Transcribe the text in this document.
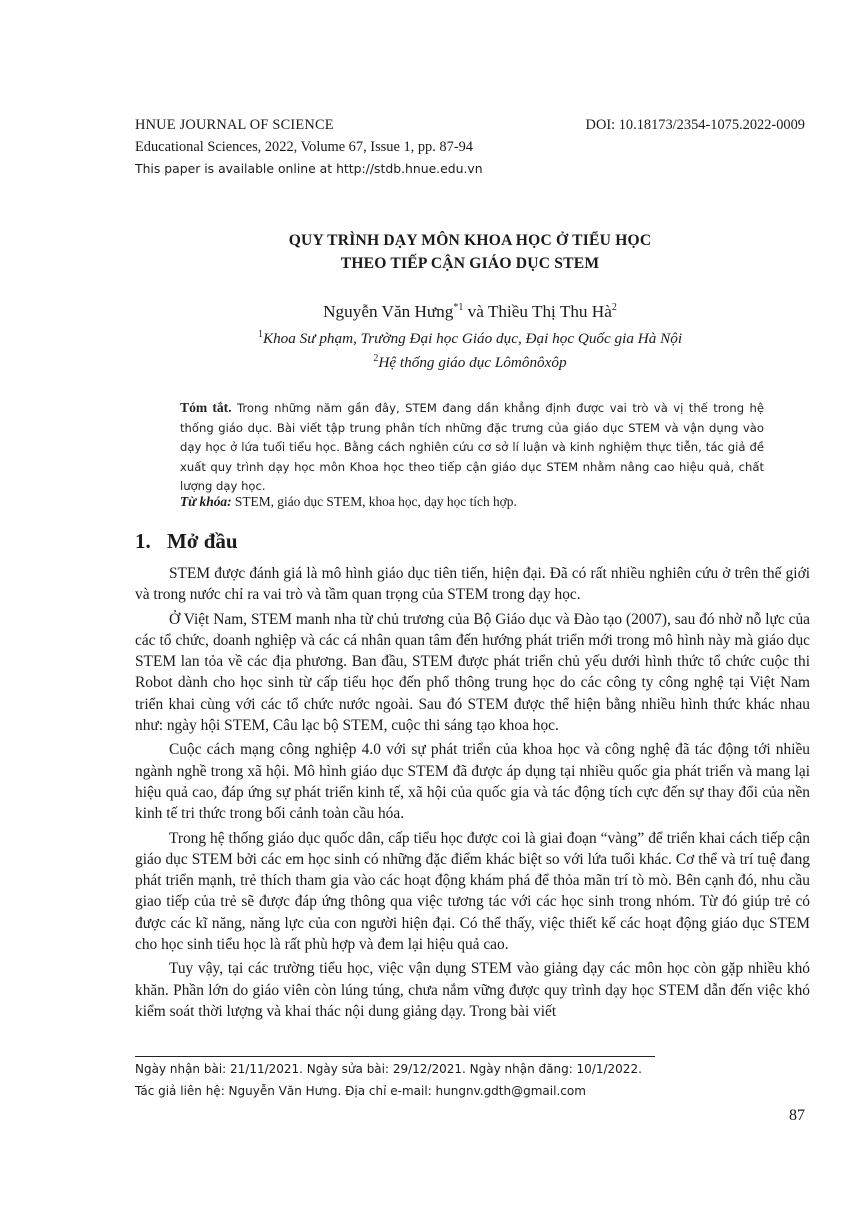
HNUE JOURNAL OF SCIENCE	DOI: 10.18173/2354-1075.2022-0009
Educational Sciences, 2022, Volume 67, Issue 1, pp. 87-94
This paper is available online at http://stdb.hnue.edu.vn
QUY TRÌNH DẠY MÔN KHOA HỌC Ở TIỂU HỌC
THEO TIẾP CẬN GIÁO DỤC STEM
Nguyễn Văn Hưng$^{*1}$ và Thiều Thị Thu $Hà^2$
$^1$Khoa Sư phạm, Trường Đại học Giáo dục, Đại học Quốc gia Hà Nội
$^2$Hệ thống giáo dục Lômônôxôp
Tóm tắt. Trong những năm gần đây, STEM đang dần khẳng định được vai trò và vị thế trong hệ thống giáo dục. Bài viết tập trung phân tích những đặc trưng của giáo dục STEM và vận dụng vào dạy học ở lứa tuổi tiểu học. Bằng cách nghiên cứu cơ sở lí luận và kinh nghiệm thực tiễn, tác giả đề xuất quy trình dạy học môn Khoa học theo tiếp cận giáo dục STEM nhằm nâng cao hiệu quả, chất lượng dạy học.
Từ khóa: STEM, giáo dục STEM, khoa học, dạy học tích hợp.
1. Mở đầu

STEM được đánh giá là mô hình giáo dục tiên tiến, hiện đại. Đã có rất nhiều nghiên cứu ở trên thế giới và trong nước chỉ ra vai trò và tầm quan trọng của STEM trong dạy học.

Ở Việt Nam, STEM manh nha từ chủ trương của Bộ Giáo dục và Đào tạo (2007), sau đó nhờ nỗ lực của các tổ chức, doanh nghiệp và các cá nhân quan tâm đến hướng phát triển mới trong mô hình này mà giáo dục STEM lan tỏa về các địa phương. Ban đầu, STEM được phát triển chủ yếu dưới hình thức tổ chức cuộc thi Robot dành cho học sinh từ cấp tiểu học đến phổ thông trung học do các công ty công nghệ tại Việt Nam triển khai cùng với các tổ chức nước ngoài. Sau đó STEM được thể hiện bằng nhiều hình thức khác nhau như: ngày hội STEM, Câu lạc bộ STEM, cuộc thi sáng tạo khoa học.

Cuộc cách mạng công nghiệp 4.0 với sự phát triển của khoa học và công nghệ đã tác động tới nhiều ngành nghề trong xã hội. Mô hình giáo dục STEM đã được áp dụng tại nhiều quốc gia phát triển và mang lại hiệu quả cao, đáp ứng sự phát triển kinh tế, xã hội của quốc gia và tác động tích cực đến sự thay đổi của nền kinh tế tri thức trong bối cảnh toàn cầu hóa.

Trong hệ thống giáo dục quốc dân, cấp tiểu học được coi là giai đoạn “vàng” để triển khai cách tiếp cận giáo dục STEM bởi các em học sinh có những đặc điểm khác biệt so với lứa tuổi khác. Cơ thể và trí tuệ đang phát triển mạnh, trẻ thích tham gia vào các hoạt động khám phá để thỏa mãn trí tò mò. Bên cạnh đó, nhu cầu giao tiếp của trẻ sẽ được đáp ứng thông qua việc tương tác với các học sinh trong nhóm. Từ đó giúp trẻ có được các kĩ năng, năng lực của con người hiện đại. Có thể thấy, việc thiết kế các hoạt động giáo dục STEM cho học sinh tiểu học là rất phù hợp và đem lại hiệu quả cao.

Tuy vậy, tại các trường tiểu học, việc vận dụng STEM vào giảng dạy các môn học còn gặp nhiều khó khăn. Phần lớn do giáo viên còn lúng túng, chưa nắm vững được quy trình dạy học STEM dẫn đến việc khó kiểm soát thời lượng và khai thác nội dung giảng dạy. Trong bài viết

Ngày nhận bài: 21/11/2021. Ngày sửa bài: 29/12/2021. Ngày nhận đăng: 10/1/2022.
Tác giả liên hệ: Nguyễn Văn Hưng. Địa chỉ e-mail: hungnv.gdth@gmail.com
87
